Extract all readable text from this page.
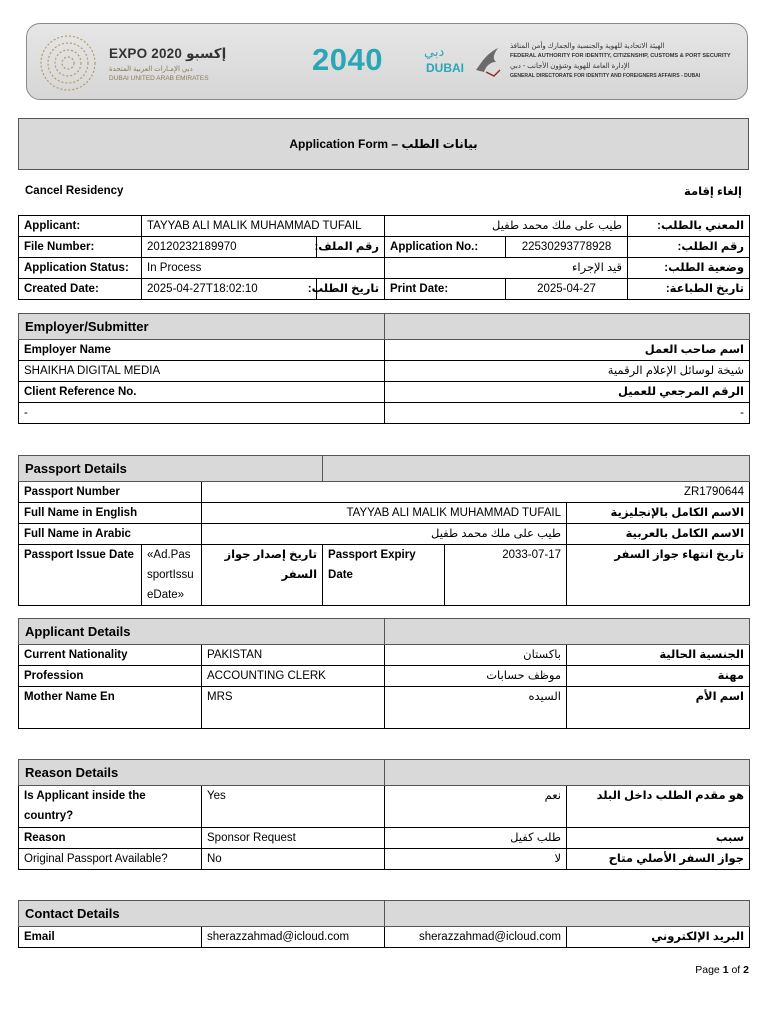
EXPO 2020 إكسبو
دبي الإمـارات العربية المتحدة
DUBAI UNITED ARAB EMIRATES
2040	دبي
DUBAI
الهيئة الاتحادية للهوية والجنسية والجمارك وأمن المنافذ
FEDERAL AUTHORITY FOR IDENTITY, CITIZENSHIP, CUSTOMS & PORT SECURITY
الإدارة العامة للهوية وشؤون الأجانب - دبي
GENERAL DIRECTORATE FOR IDENTITY AND FOREIGNERS AFFAIRS - DUBAI
Application Form – بيانات الطلب
Cancel Residency	إلغاء إقامة
Applicant:	TAYYAB ALI MALIK MUHAMMAD TUFAIL		طيب على ملك محمد طفيل		المعني بالطلب:
File Number:	20120232189970	رقم الملف:	Application No.:	22530293778928	رقم الطلب:
Application Status:	In Process		قيد الإجراء		وضعية الطلب:
Created Date:	2025-04-27T18:02:10	تاريخ الطلب:	Print Date:	2025-04-27	تاريخ الطباعة:
Employer/Submitter	
Employer Name	اسم صاحب العمل
SHAIKHA DIGITAL MEDIA	شيخة لوسائل الإعلام الرقمية
Client Reference No.	الرقم المرجعي للعميل
-	-
Passport Details					
Passport Number		ZR1790644			
Full Name in English		TAYYAB ALI MALIK MUHAMMAD TUFAIL			الاسم الكامل بالإنجليزية
Full Name in Arabic		طيب على ملك محمد طفيل			الاسم الكامل بالعربية
Passport Issue Date	«Ad.PassportIssueDate»	تاريخ إصدار جواز السفر	Passport Expiry Date	2033-07-17	تاريخ انتهاء جواز السفر
Applicant Details			
Current Nationality	PAKISTAN	باكستان	الجنسية الحالية
Profession	ACCOUNTING CLERK	موظف حسابات	مهنة
Mother Name En	MRS	السيده	اسم الأم
Reason Details			
Is Applicant inside the country?	Yes	نعم	هو مقدم الطلب داخل البلد
Reason	Sponsor Request	طلب كفيل	سبب
Original Passport Available?	No	لا	جواز السفر الأصلي متاح
Contact Details			
Email	sherazzahmad@icloud.com	sherazzahmad@icloud.com	البريد الإلكتروني
Page 1 of 2
